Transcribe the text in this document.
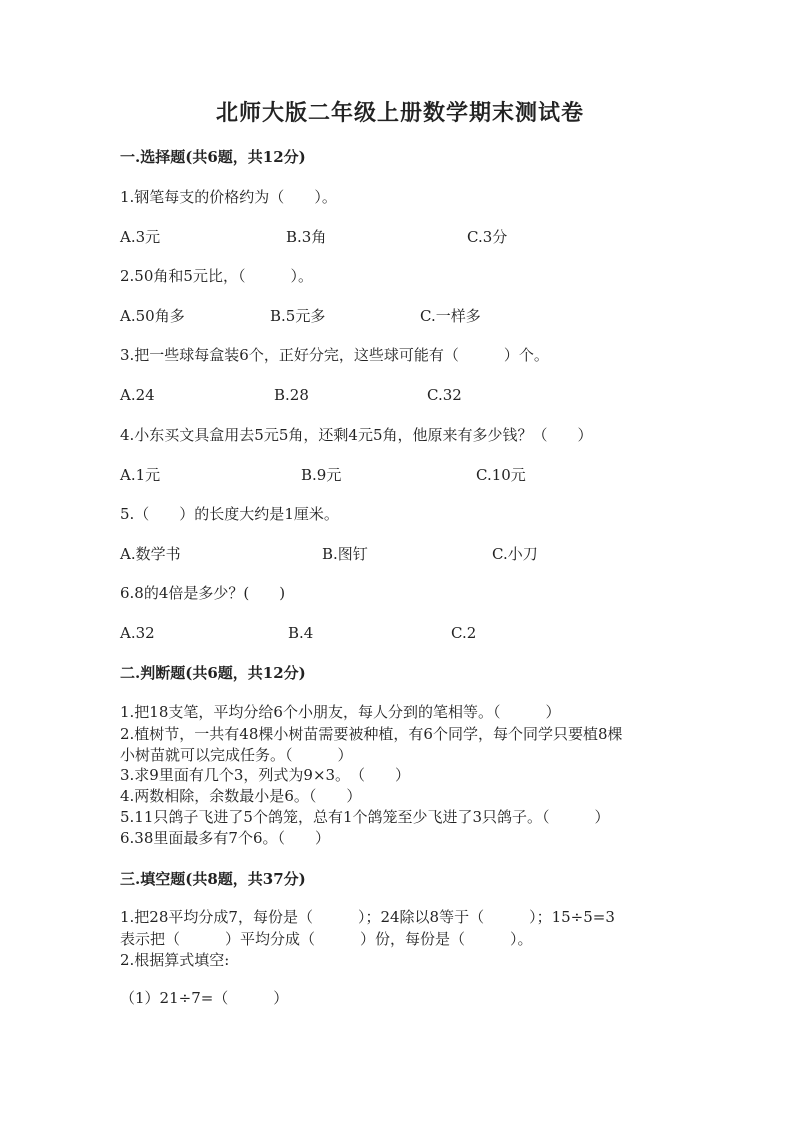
北师大版二年级上册数学期末测试卷
一.选择题(共6题，共12分)
1.钢笔每支的价格约为（　　）。
A.3元	B.3角	C.3分
2.50角和5元比，（　　　）。
A.50角多	B.5元多	C.一样多
3.把一些球每盒装6个，正好分完，这些球可能有（　　　）个。
A.24	B.28	C.32
4.小东买文具盒用去5元5角，还剩4元5角，他原来有多少钱？（　　）
A.1元	B.9元	C.10元
5.（　　）的长度大约是1厘米。
A.数学书	B.图钉	C.小刀
6.8的4倍是多少？(　　)
A.32	B.4	C.2
二.判断题(共6题，共12分)
1.把18支笔，平均分给6个小朋友，每人分到的笔相等。（　　　）
2.植树节，一共有48棵小树苗需要被种植，有6个同学，每个同学只要植8棵
小树苗就可以完成任务。（　　　）
3.求9里面有几个3，列式为9×3。　（　　）
4.两数相除，余数最小是6。（　　）
5.11只鸽子飞进了5个鸽笼，总有1个鸽笼至少飞进了3只鸽子。（　　　）
6.38里面最多有7个6。（　　）
三.填空题(共8题，共37分)
1.把28平均分成7，每份是（　　　）；24除以8等于（　　　）；15÷5=3
表示把（　　　）平均分成（　　　）份，每份是（　　　）。
2.根据算式填空:
（1）21÷7=（　　　）
